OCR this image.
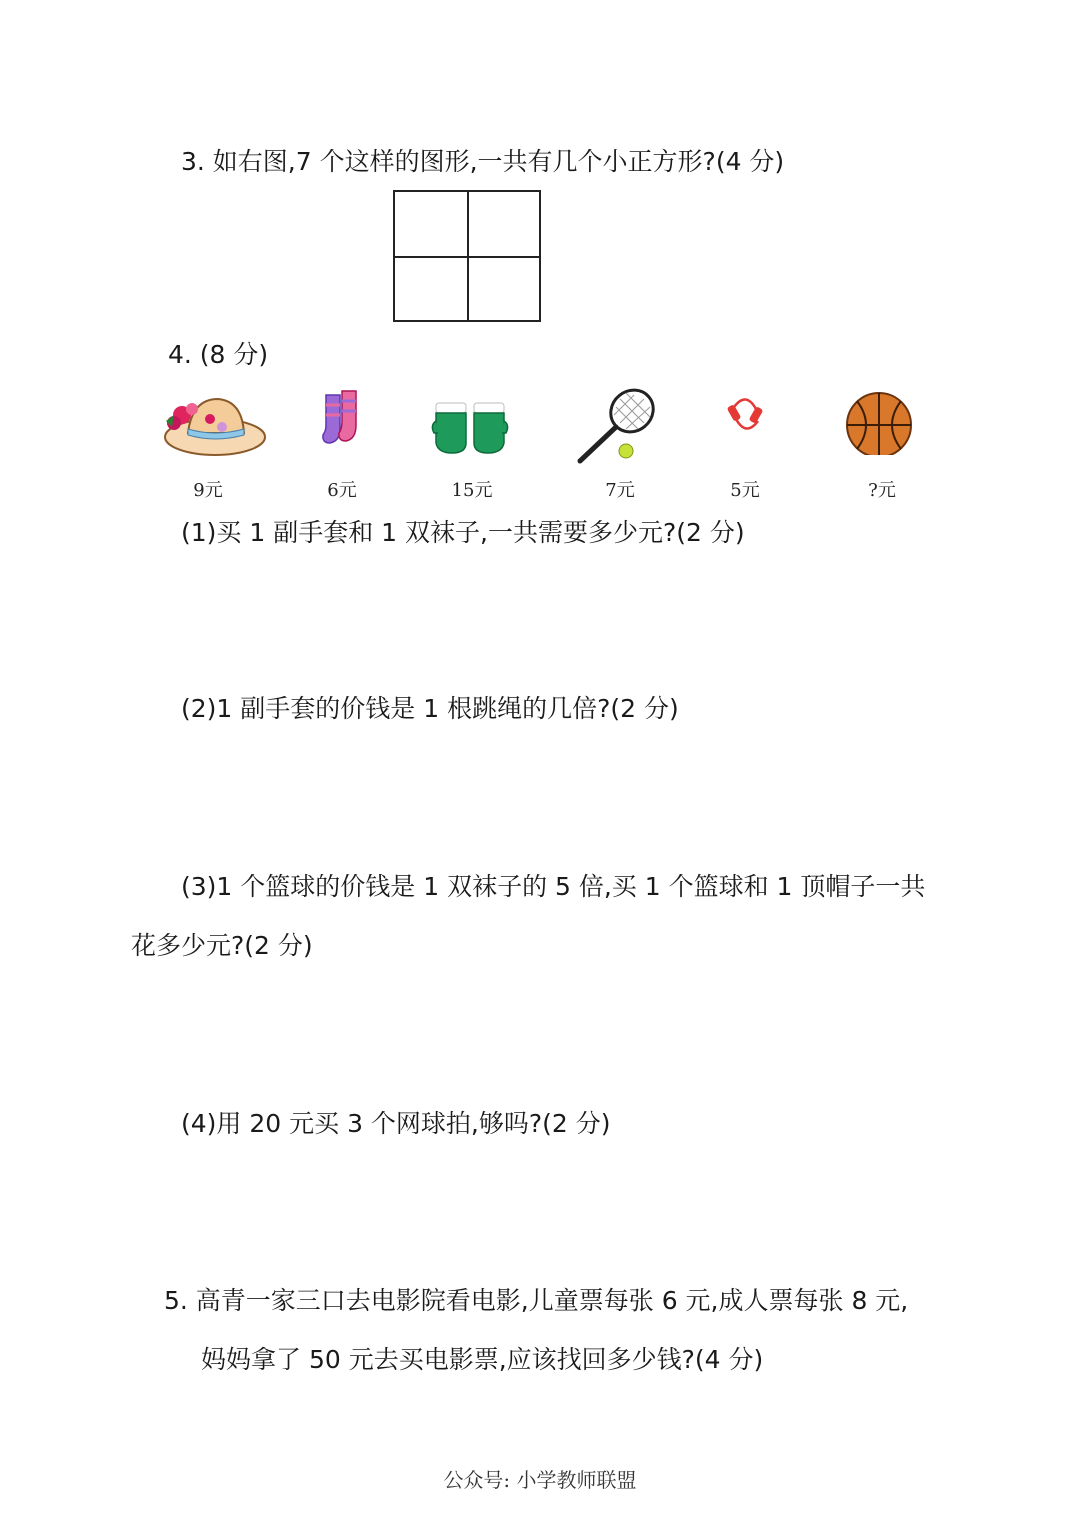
3. 如右图,7 个这样的图形,一共有几个小正方形?(4 分)
4. (8 分)
9元	6元	15元	7元	5元	?元
(1)买 1 副手套和 1 双袜子,一共需要多少元?(2 分)
(2)1 副手套的价钱是 1 根跳绳的几倍?(2 分)
(3)1 个篮球的价钱是 1 双袜子的 5 倍,买 1 个篮球和 1 顶帽子一共
花多少元?(2 分)
(4)用 20 元买 3 个网球拍,够吗?(2 分)
5. 高青一家三口去电影院看电影,儿童票每张 6 元,成人票每张 8 元,
妈妈拿了 50 元去买电影票,应该找回多少钱?(4 分)
公众号: 小学教师联盟
